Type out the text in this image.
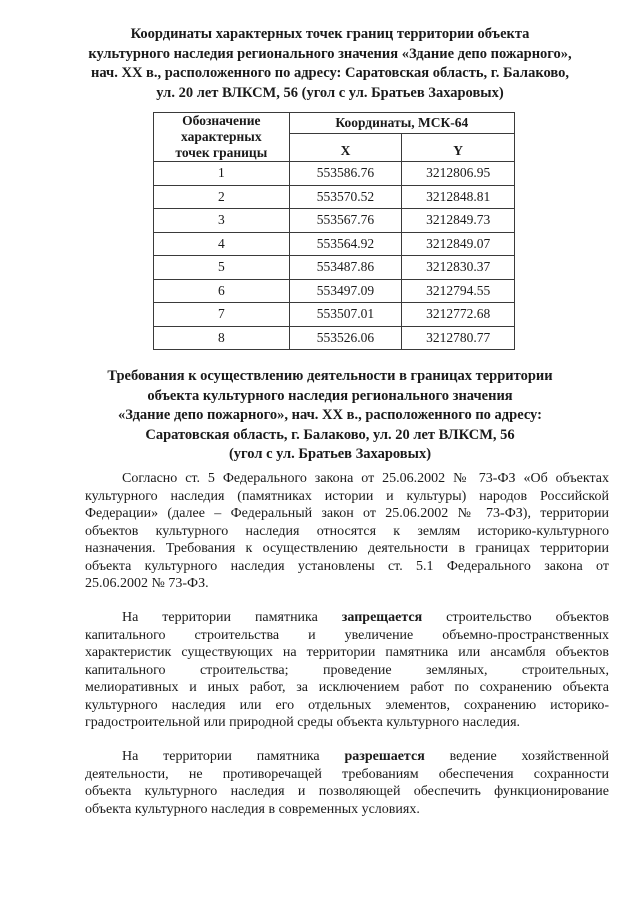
Координаты характерных точек границ территории объекта
культурного наследия регионального значения «Здание депо пожарного»,
нач. XX в., расположенного по адресу: Саратовская область, г. Балаково,
ул. 20 лет ВЛКСМ, 56 (угол с ул. Братьев Захаровых)
Обозначение
характерных
точек границы	Координаты, МСК-64	
	X	Y
1	553586.76	3212806.95
2	553570.52	3212848.81
3	553567.76	3212849.73
4	553564.92	3212849.07
5	553487.86	3212830.37
6	553497.09	3212794.55
7	553507.01	3212772.68
8	553526.06	3212780.77
Требования к осуществлению деятельности в границах территории
объекта культурного наследия регионального значения
«Здание депо пожарного», нач. XX в., расположенного по адресу:
Саратовская область, г. Балаково, ул. 20 лет ВЛКСМ, 56
(угол с ул. Братьев Захаровых)

Согласно ст. 5 Федерального закона от 25.06.2002 № 73-ФЗ «Об объектах
культурного наследия (памятниках истории и культуры) народов Российской
Федерации» (далее – Федеральный закон от 25.06.2002 № 73-ФЗ), территории
объектов культурного наследия относятся к землям историко-культурного
назначения. Требования к осуществлению деятельности в границах территории
объекта культурного наследия установлены ст. 5.1 Федерального закона от
25.06.2002 № 73-ФЗ.

На территории памятника запрещается строительство объектов
капитального строительства и увеличение объемно-пространственных
характеристик существующих на территории памятника или ансамбля объектов
капитального строительства; проведение земляных, строительных,
мелиоративных и иных работ, за исключением работ по сохранению объекта
культурного наследия или его отдельных элементов, сохранению историко-
градостроительной или природной среды объекта культурного наследия.

На территории памятника разрешается ведение хозяйственной
деятельности, не противоречащей требованиям обеспечения сохранности
объекта культурного наследия и позволяющей обеспечить функционирование
объекта культурного наследия в современных условиях.
